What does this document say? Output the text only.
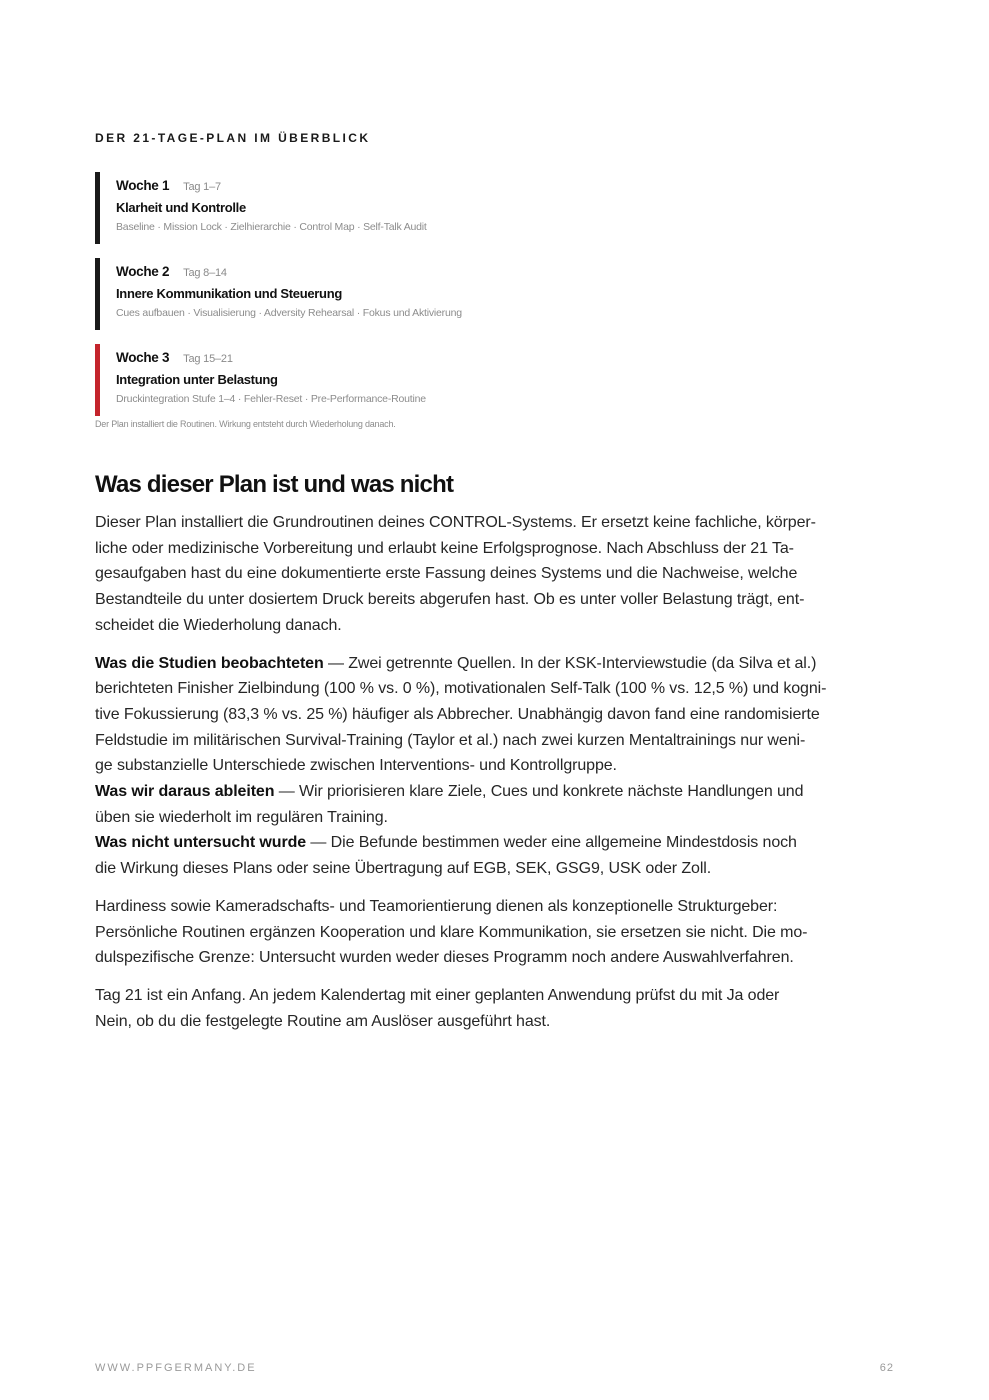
DER 21-TAGE-PLAN IM ÜBERBLICK
Woche 1 Tag 1–7
Klarheit und Kontrolle
Baseline · Mission Lock · Zielhierarchie · Control Map · Self-Talk Audit
Woche 2 Tag 8–14
Innere Kommunikation und Steuerung
Cues aufbauen · Visualisierung · Adversity Rehearsal · Fokus und Aktivierung
Woche 3 Tag 15–21
Integration unter Belastung
Druckintegration Stufe 1–4 · Fehler-Reset · Pre-Performance-Routine
Der Plan installiert die Routinen. Wirkung entsteht durch Wiederholung danach.
Was dieser Plan ist und was nicht

Dieser Plan installiert die Grundroutinen deines CONTROL-Systems. Er ersetzt keine fachliche, körper-
liche oder medizinische Vorbereitung und erlaubt keine Erfolgsprognose. Nach Abschluss der 21 Ta-
gesaufgaben hast du eine dokumentierte erste Fassung deines Systems und die Nachweise, welche
Bestandteile du unter dosiertem Druck bereits abgerufen hast. Ob es unter voller Belastung trägt, ent-
scheidet die Wiederholung danach.

Was die Studien beobachteten — Zwei getrennte Quellen. In der KSK-Interviewstudie (da Silva et al.)
berichteten Finisher Zielbindung (100 % vs. 0 %), motivationalen Self-Talk (100 % vs. 12,5 %) und kogni-
tive Fokussierung (83,3 % vs. 25 %) häufiger als Abbrecher. Unabhängig davon fand eine randomisierte
Feldstudie im militärischen Survival-Training (Taylor et al.) nach zwei kurzen Mentaltrainings nur weni-
ge substanzielle Unterschiede zwischen Interventions- und Kontrollgruppe.
Was wir daraus ableiten — Wir priorisieren klare Ziele, Cues und konkrete nächste Handlungen und
üben sie wiederholt im regulären Training.
Was nicht untersucht wurde — Die Befunde bestimmen weder eine allgemeine Mindestdosis noch
die Wirkung dieses Plans oder seine Übertragung auf EGB, SEK, GSG9, USK oder Zoll.

Hardiness sowie Kameradschafts- und Teamorientierung dienen als konzeptionelle Strukturgeber:
Persönliche Routinen ergänzen Kooperation und klare Kommunikation, sie ersetzen sie nicht. Die mo-
dulspezifische Grenze: Untersucht wurden weder dieses Programm noch andere Auswahlverfahren.

Tag 21 ist ein Anfang. An jedem Kalendertag mit einer geplanten Anwendung prüfst du mit Ja oder
Nein, ob du die festgelegte Routine am Auslöser ausgeführt hast.

WWW.PPFGERMANY.DE	62
